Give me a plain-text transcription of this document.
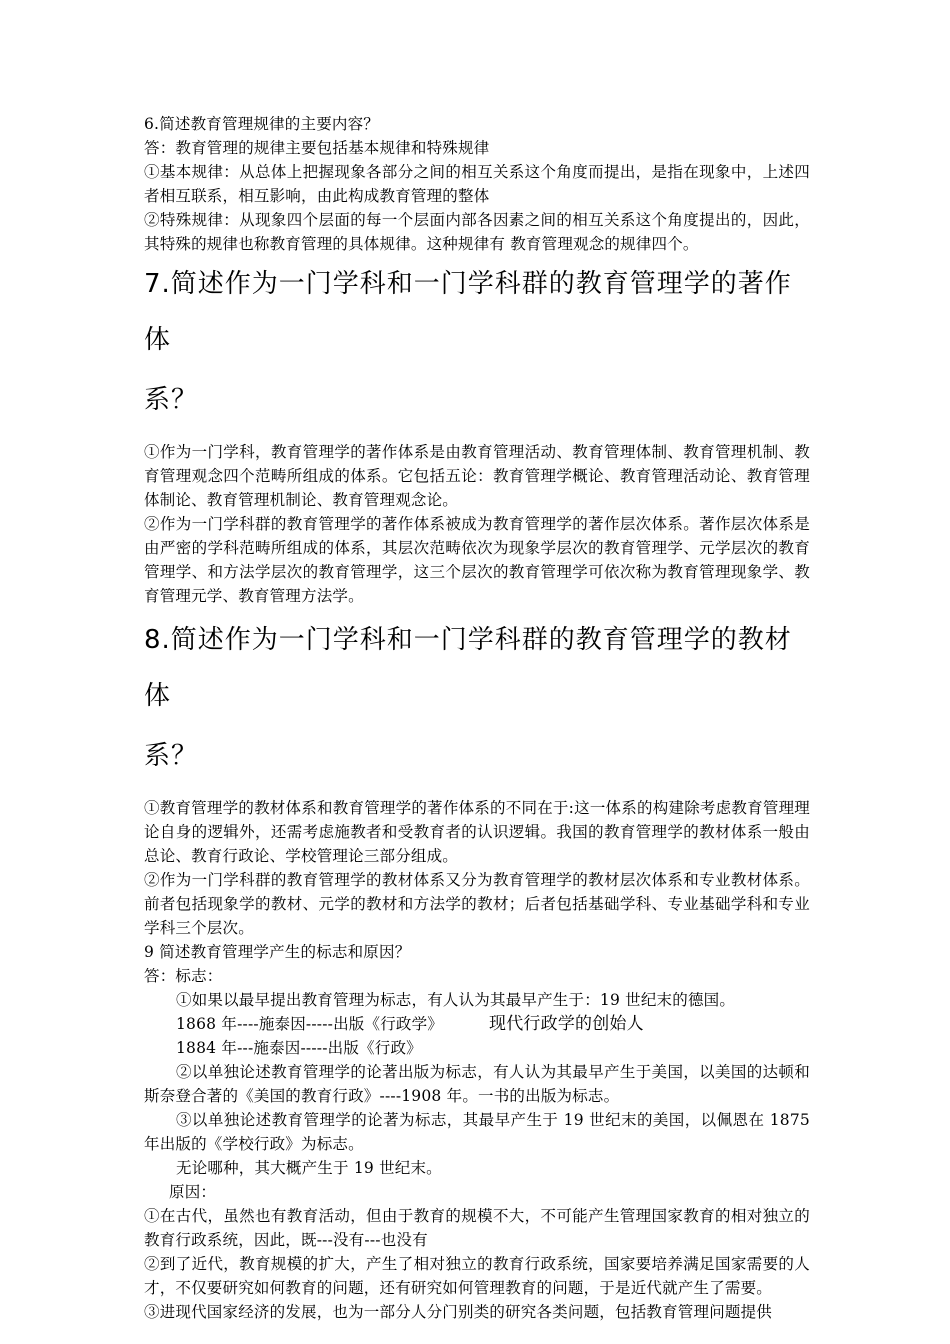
6.简述教育管理规律的主要内容？

答：教育管理的规律主要包括基本规律和特殊规律

①基本规律：从总体上把握现象各部分之间的相互关系这个角度而提出，是指在现象中，上述四者相互联系，相互影响，由此构成教育管理的整体

②特殊规律：从现象四个层面的每一个层面内部各因素之间的相互关系这个角度提出的，因此，其特殊的规律也称教育管理的具体规律。这种规律有 教育管理观念的规律四个。

7.简述作为一门学科和一门学科群的教育管理学的著作体
系？

①作为一门学科，教育管理学的著作体系是由教育管理活动、教育管理体制、教育管理机制、教育管理观念四个范畴所组成的体系。它包括五论：教育管理学概论、教育管理活动论、教育管理体制论、教育管理机制论、教育管理观念论。

②作为一门学科群的教育管理学的著作体系被成为教育管理学的著作层次体系。著作层次体系是由严密的学科范畴所组成的体系，其层次范畴依次为现象学层次的教育管理学、元学层次的教育管理学、和方法学层次的教育管理学，这三个层次的教育管理学可依次称为教育管理现象学、教育管理元学、教育管理方法学。

8.简述作为一门学科和一门学科群的教育管理学的教材体
系？

①教育管理学的教材体系和教育管理学的著作体系的不同在于:这一体系的构建除考虑教育管理理论自身的逻辑外，还需考虑施教者和受教育者的认识逻辑。我国的教育管理学的教材体系一般由总论、教育行政论、学校管理论三部分组成。

②作为一门学科群的教育管理学的教材体系又分为教育管理学的教材层次体系和专业教材体系。前者包括现象学的教材、元学的教材和方法学的教材；后者包括基础学科、专业基础学科和专业学科三个层次。

9 简述教育管理学产生的标志和原因？

答：标志：

①如果以最早提出教育管理为标志，有人认为其最早产生于：19 世纪末的德国。

1868 年----施泰因-----出版《行政学》	现代行政学的创始人

1884 年---施泰因-----出版《行政》

②以单独论述教育管理学的论著出版为标志，有人认为其最早产生于美国，以美国的达顿和斯奈登合著的《美国的教育行政》----1908 年。一书的出版为标志。

③以单独论述教育管理学的论著为标志，其最早产生于 19 世纪末的美国，以佩恩在 1875 年出版的《学校行政》为标志。

无论哪种，其大概产生于 19 世纪末。

原因：

①在古代，虽然也有教育活动，但由于教育的规模不大，不可能产生管理国家教育的相对独立的教育行政系统，因此，既---没有---也没有

②到了近代，教育规模的扩大，产生了相对独立的教育行政系统，国家要培养满足国家需要的人才，不仅要研究如何教育的问题，还有研究如何管理教育的问题，于是近代就产生了需要。

③进现代国家经济的发展，也为一部分人分门别类的研究各类问题，包括教育管理问题提供
